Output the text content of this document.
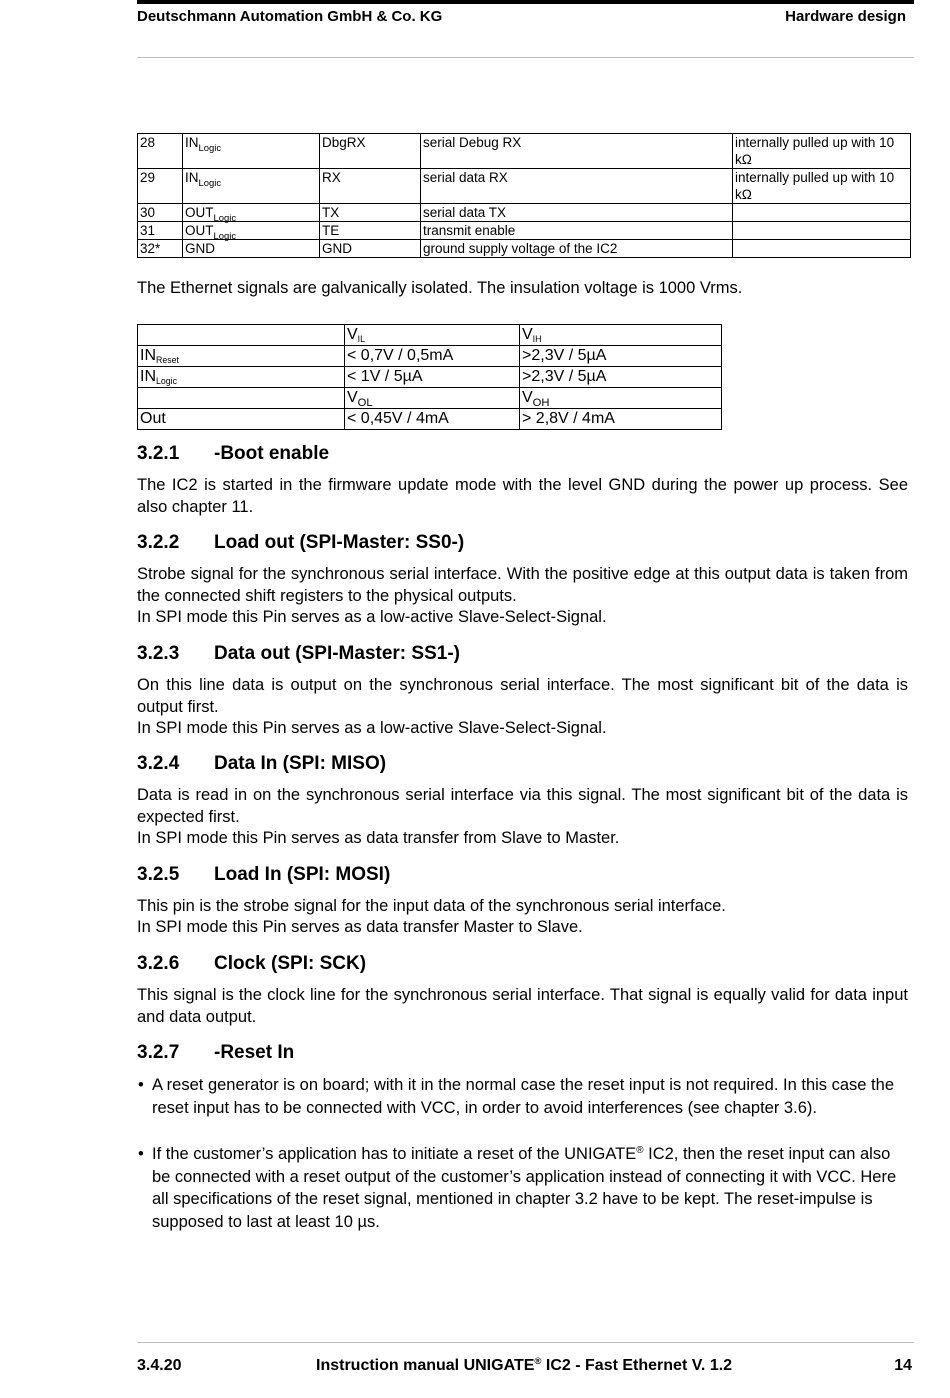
Deutschmann Automation GmbH & Co. KG	Hardware design
28	$IN_{Logic}$	DbgRX	serial Debug RX	internally pulled up with 10 kΩ
29	$IN_{Logic}$	RX	serial data RX	internally pulled up with 10 kΩ
30	$OUT_{Logic}$	TX	serial data TX	
31	$OUT_{Logic}$	TE	transmit enable	
32*	GND	GND	ground supply voltage of the IC2	

The Ethernet signals are galvanically isolated. The insulation voltage is 1000 Vrms.

	$V_{IL}$	$V_{IH}$
$IN_{Reset}$	< 0,7V / 0,5mA	>2,3V / 5µA
$IN_{Logic}$	< 1V / 5µA	>2,3V / 5µA
	$V_{OL}$	$V_{OH}$
Out	< 0,45V / 4mA	> 2,8V / 4mA
3.2.1 -Boot enable

The IC2 is started in the firmware update mode with the level GND during the power up process. See also chapter 11.

3.2.2 Load out (SPI-Master: SS0-)

Strobe signal for the synchronous serial interface. With the positive edge at this output data is taken from the connected shift registers to the physical outputs.

In SPI mode this Pin serves as a low-active Slave-Select-Signal.

3.2.3 Data out (SPI-Master: SS1-)

On this line data is output on the synchronous serial interface. The most significant bit of the data is output first.

In SPI mode this Pin serves as a low-active Slave-Select-Signal.

3.2.4 Data In (SPI: MISO)

Data is read in on the synchronous serial interface via this signal. The most significant bit of the data is expected first.

In SPI mode this Pin serves as data transfer from Slave to Master.

3.2.5 Load In (SPI: MOSI)

This pin is the strobe signal for the input data of the synchronous serial interface.

In SPI mode this Pin serves as data transfer Master to Slave.

3.2.6 Clock (SPI: SCK)

This signal is the clock line for the synchronous serial interface. That signal is equally valid for data input and data output.

3.2.7 -Reset In
• A reset generator is on board; with it in the normal case the reset input is not required. In this case the reset input has to be connected with VCC, in order to avoid interferences (see chapter 3.6).
• If the customer’s application has to initiate a reset of the UNIGATE® IC2, then the reset input can also be connected with a reset output of the customer’s application instead of connecting it with VCC. Here all specifications of the reset signal, mentioned in chapter 3.2 have to be kept. The reset-impulse is supposed to last at least 10 µs.
3.4.20	Instruction manual UNIGATE® IC2 - Fast Ethernet V. 1.2	14
